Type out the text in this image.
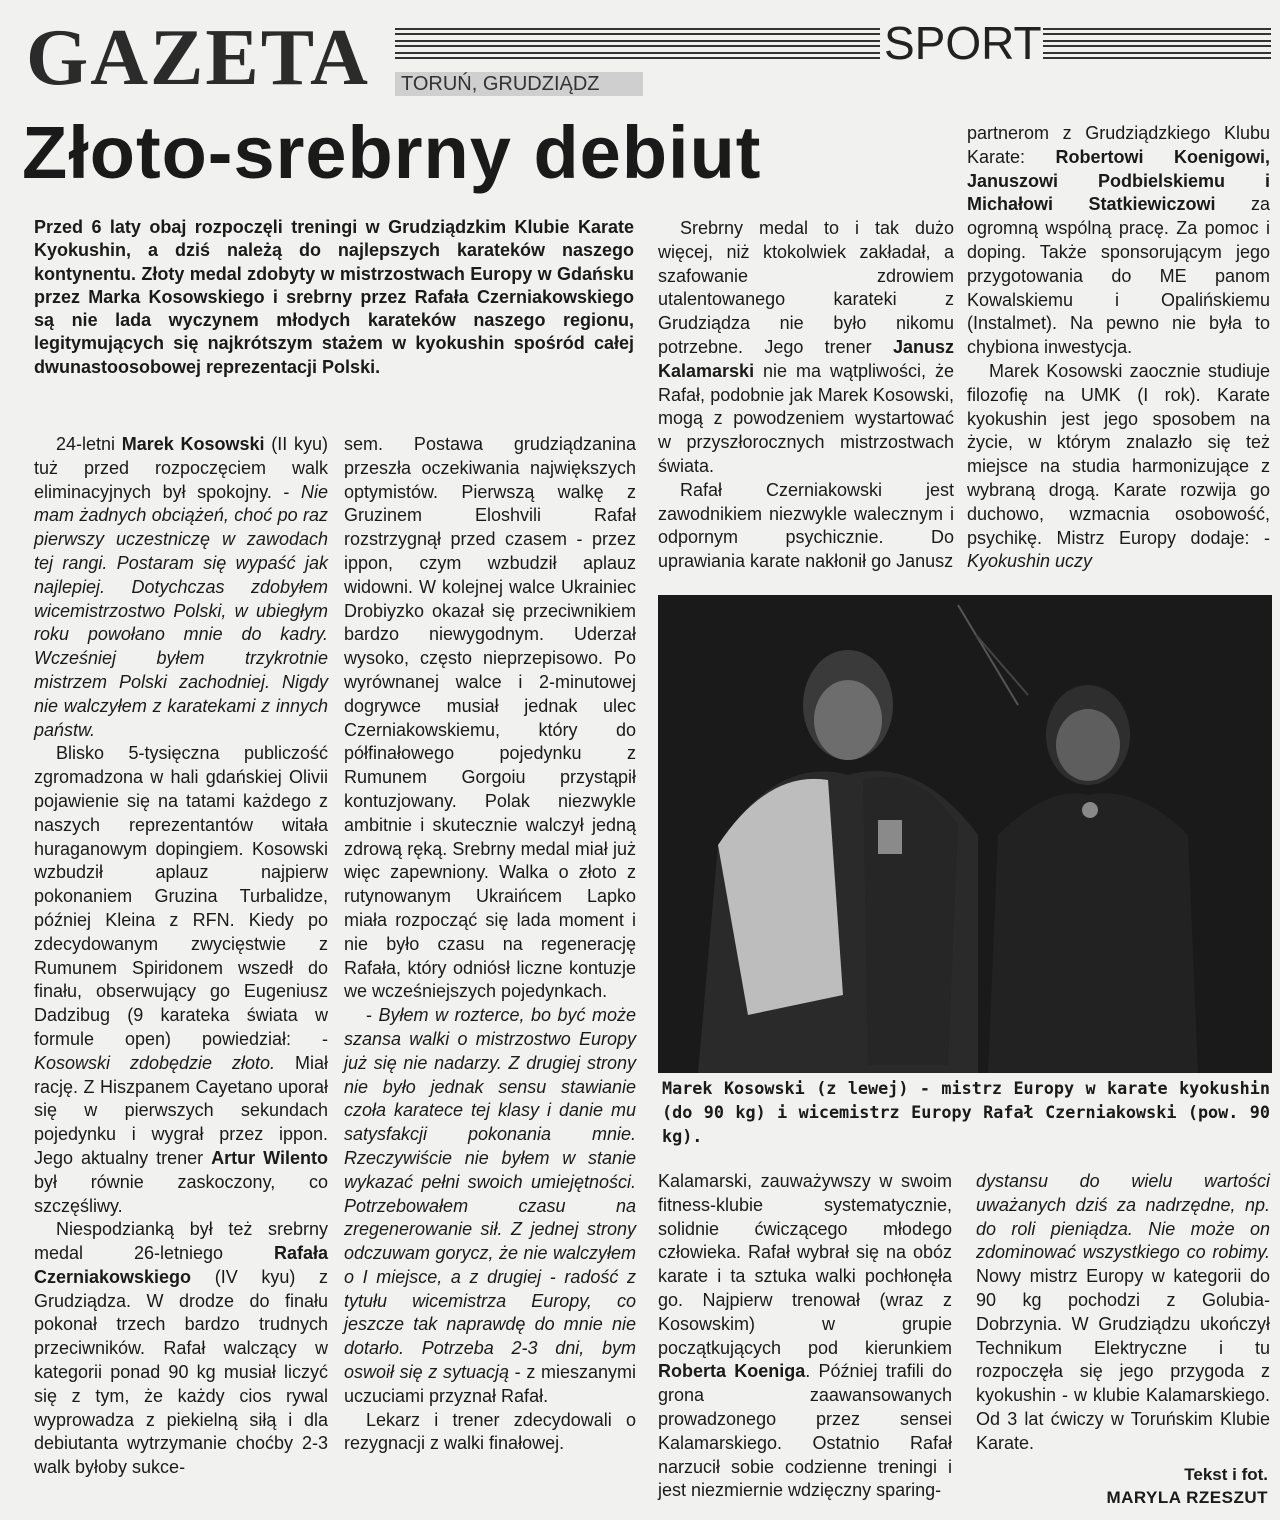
GAZETA	TORUŃ, GRUDZIĄDZ
SPORT
Złoto-srebrny debiut
Przed 6 laty obaj rozpoczęli treningi w Grudziądzkim Klubie Karate Kyokushin, a dziś należą do najlepszych karateków naszego kontynentu. Złoty medal zdobyty w mistrzostwach Europy w Gdańsku przez Marka Kosowskiego i srebrny przez Rafała Czerniakowskiego są nie lada wyczynem młodych karateków naszego regionu, legitymujących się najkrótszym stażem w kyokushin spośród całej dwunastoosobowej reprezentacji Polski.

24-letni Marek Kosowski (II kyu) tuż przed rozpoczęciem walk eliminacyjnych był spokojny. - Nie mam żadnych obciążeń, choć po raz pierwszy uczestniczę w zawodach tej rangi. Postaram się wypaść jak najlepiej. Dotychczas zdobyłem wicemistrzostwo Polski, w ubiegłym roku powołano mnie do kadry. Wcześniej byłem trzykrotnie mistrzem Polski zachodniej. Nigdy nie walczyłem z karatekami z innych państw.

Blisko 5-tysięczna publiczość zgromadzona w hali gdańskiej Olivii pojawienie się na tatami każdego z naszych reprezentantów witała huraganowym dopingiem. Kosowski wzbudził aplauz najpierw pokonaniem Gruzina Turbalidze, później Kleina z RFN. Kiedy po zdecydowanym zwycięstwie z Rumunem Spiridonem wszedł do finału, obserwujący go Eugeniusz Dadzibug (9 karateka świata w formule open) powiedział: - Kosowski zdobędzie złoto. Miał rację. Z Hiszpanem Cayetano uporał się w pierwszych sekundach pojedynku i wygrał przez ippon. Jego aktualny trener Artur Wilento był równie zaskoczony, co szczęśliwy.

Niespodzianką był też srebrny medal 26-letniego Rafała Czerniakowskiego (IV kyu) z Grudziądza. W drodze do finału pokonał trzech bardzo trudnych przeciwników. Rafał walczący w kategorii ponad 90 kg musiał liczyć się z tym, że każdy cios rywal wyprowadza z piekielną siłą i dla debiutanta wytrzymanie choćby 2-3 walk byłoby sukce-

sem. Postawa grudziądzanina przeszła oczekiwania największych optymistów. Pierwszą walkę z Gruzinem Eloshvili Rafał rozstrzygnął przed czasem - przez ippon, czym wzbudził aplauz widowni. W kolejnej walce Ukrainiec Drobiyzko okazał się przeciwnikiem bardzo niewygodnym. Uderzał wysoko, często nieprzepisowo. Po wyrównanej walce i 2-minutowej dogrywce musiał jednak ulec Czerniakowskiemu, który do półfinałowego pojedynku z Rumunem Gorgoiu przystąpił kontuzjowany. Polak niezwykle ambitnie i skutecznie walczył jedną zdrową ręką. Srebrny medal miał już więc zapewniony. Walka o złoto z rutynowanym Ukraińcem Lapko miała rozpocząć się lada moment i nie było czasu na regenerację Rafała, który odniósł liczne kontuzje we wcześniejszych pojedynkach.

- Byłem w rozterce, bo być może szansa walki o mistrzostwo Europy już się nie nadarzy. Z drugiej strony nie było jednak sensu stawianie czoła karatece tej klasy i danie mu satysfakcji pokonania mnie. Rzeczywiście nie byłem w stanie wykazać pełni swoich umiejętności. Potrzebowałem czasu na zregenerowanie sił. Z jednej strony odczuwam gorycz, że nie walczyłem o I miejsce, a z drugiej - radość z tytułu wicemistrza Europy, co jeszcze tak naprawdę do mnie nie dotarło. Potrzeba 2-3 dni, bym oswoił się z sytuacją - z mieszanymi uczuciami przyznał Rafał.

Lekarz i trener zdecydowali o rezygnacji z walki finałowej.

Srebrny medal to i tak dużo więcej, niż ktokolwiek zakładał, a szafowanie zdrowiem utalentowanego karateki z Grudziądza nie było nikomu potrzebne. Jego trener Janusz Kalamarski nie ma wątpliwości, że Rafał, podobnie jak Marek Kosowski, mogą z powodzeniem wystartować w przyszłorocznych mistrzostwach świata.

Rafał Czerniakowski jest zawodnikiem niezwykle walecznym i odpornym psychicznie. Do uprawiania karate nakłonił go Janusz

partnerom z Grudziądzkiego Klubu Karate: Robertowi Koenigowi, Januszowi Podbielskiemu i Michałowi Statkiewiczowi za ogromną wspólną pracę. Za pomoc i doping. Także sponsorującym jego przygotowania do ME panom Kowalskiemu i Opalińskiemu (Instalmet). Na pewno nie była to chybiona inwestycja.

Marek Kosowski zaocznie studiuje filozofię na UMK (I rok). Karate kyokushin jest jego sposobem na życie, w którym znalazło się też miejsce na studia harmonizujące z wybraną drogą. Karate rozwija go duchowo, wzmacnia osobowość, psychikę. Mistrz Europy dodaje: - Kyokushin uczy

Marek Kosowski (z lewej) - mistrz Europy w karate kyokushin (do 90 kg) i wicemistrz Europy Rafał Czerniakowski (pow. 90 kg).

Kalamarski, zauważywszy w swoim fitness-klubie systematycznie, solidnie ćwiczącego młodego człowieka. Rafał wybrał się na obóz karate i ta sztuka walki pochłonęła go. Najpierw trenował (wraz z Kosowskim) w grupie początkujących pod kierunkiem Roberta Koeniga. Później trafili do grona zaawansowanych prowadzonego przez sensei Kalamarskiego. Ostatnio Rafał narzucił sobie codzienne treningi i jest niezmiernie wdzięczny sparing-

dystansu do wielu wartości uważanych dziś za nadrzędne, np. do roli pieniądza. Nie może on zdominować wszystkiego co robimy. Nowy mistrz Europy w kategorii do 90 kg pochodzi z Golubia-Dobrzynia. W Grudziądzu ukończył Technikum Elektryczne i tu rozpoczęła się jego przygoda z kyokushin - w klubie Kalamarskiego. Od 3 lat ćwiczy w Toruńskim Klubie Karate.

Tekst i fot.
MARYLA RZESZUT
